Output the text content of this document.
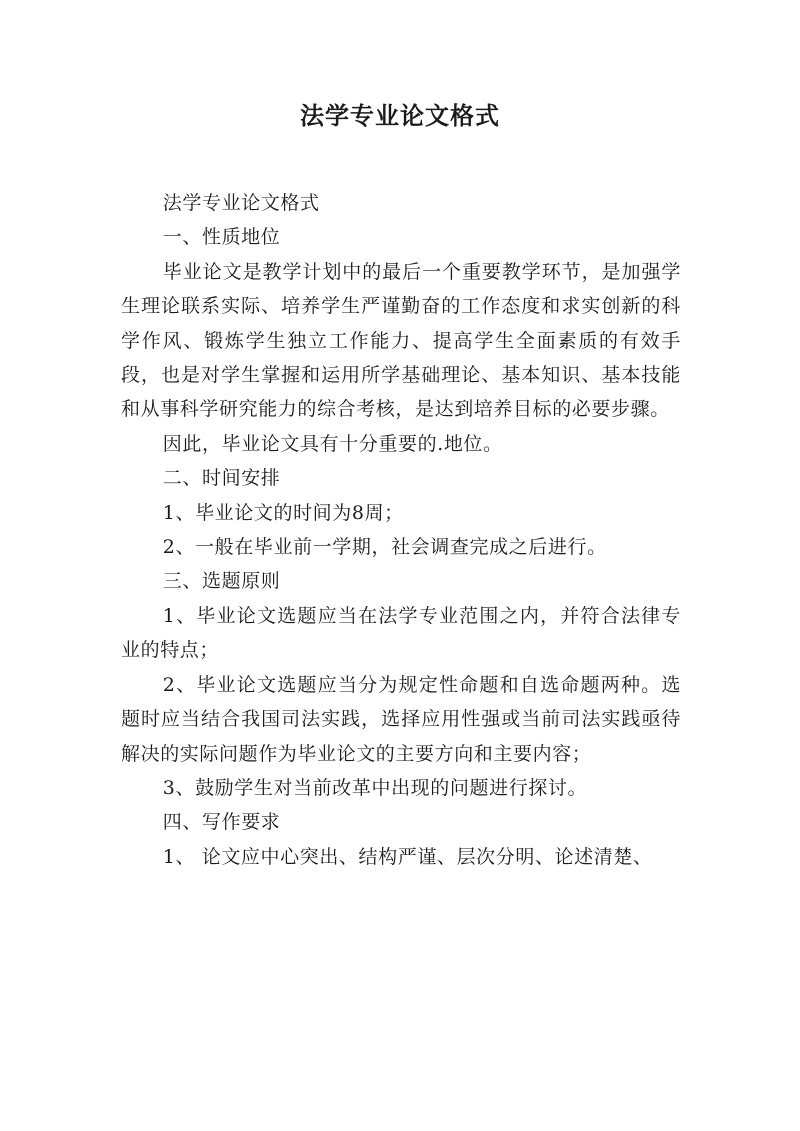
法学专业论文格式

法学专业论文格式

一、性质地位

毕业论文是教学计划中的最后一个重要教学环节，是加强学生理论联系实际、培养学生严谨勤奋的工作态度和求实创新的科学作风、锻炼学生独立工作能力、提高学生全面素质的有效手段，也是对学生掌握和运用所学基础理论、基本知识、基本技能和从事科学研究能力的综合考核，是达到培养目标的必要步骤。

因此，毕业论文具有十分重要的.地位。

二、时间安排

1、毕业论文的时间为8周；

2、一般在毕业前一学期，社会调查完成之后进行。

三、选题原则

1、毕业论文选题应当在法学专业范围之内，并符合法律专业的特点；

2、毕业论文选题应当分为规定性命题和自选命题两种。选题时应当结合我国司法实践，选择应用性强或当前司法实践亟待解决的实际问题作为毕业论文的主要方向和主要内容；

3、鼓励学生对当前改革中出现的问题进行探讨。

四、写作要求

1、 论文应中心突出、结构严谨、层次分明、论述清楚、
